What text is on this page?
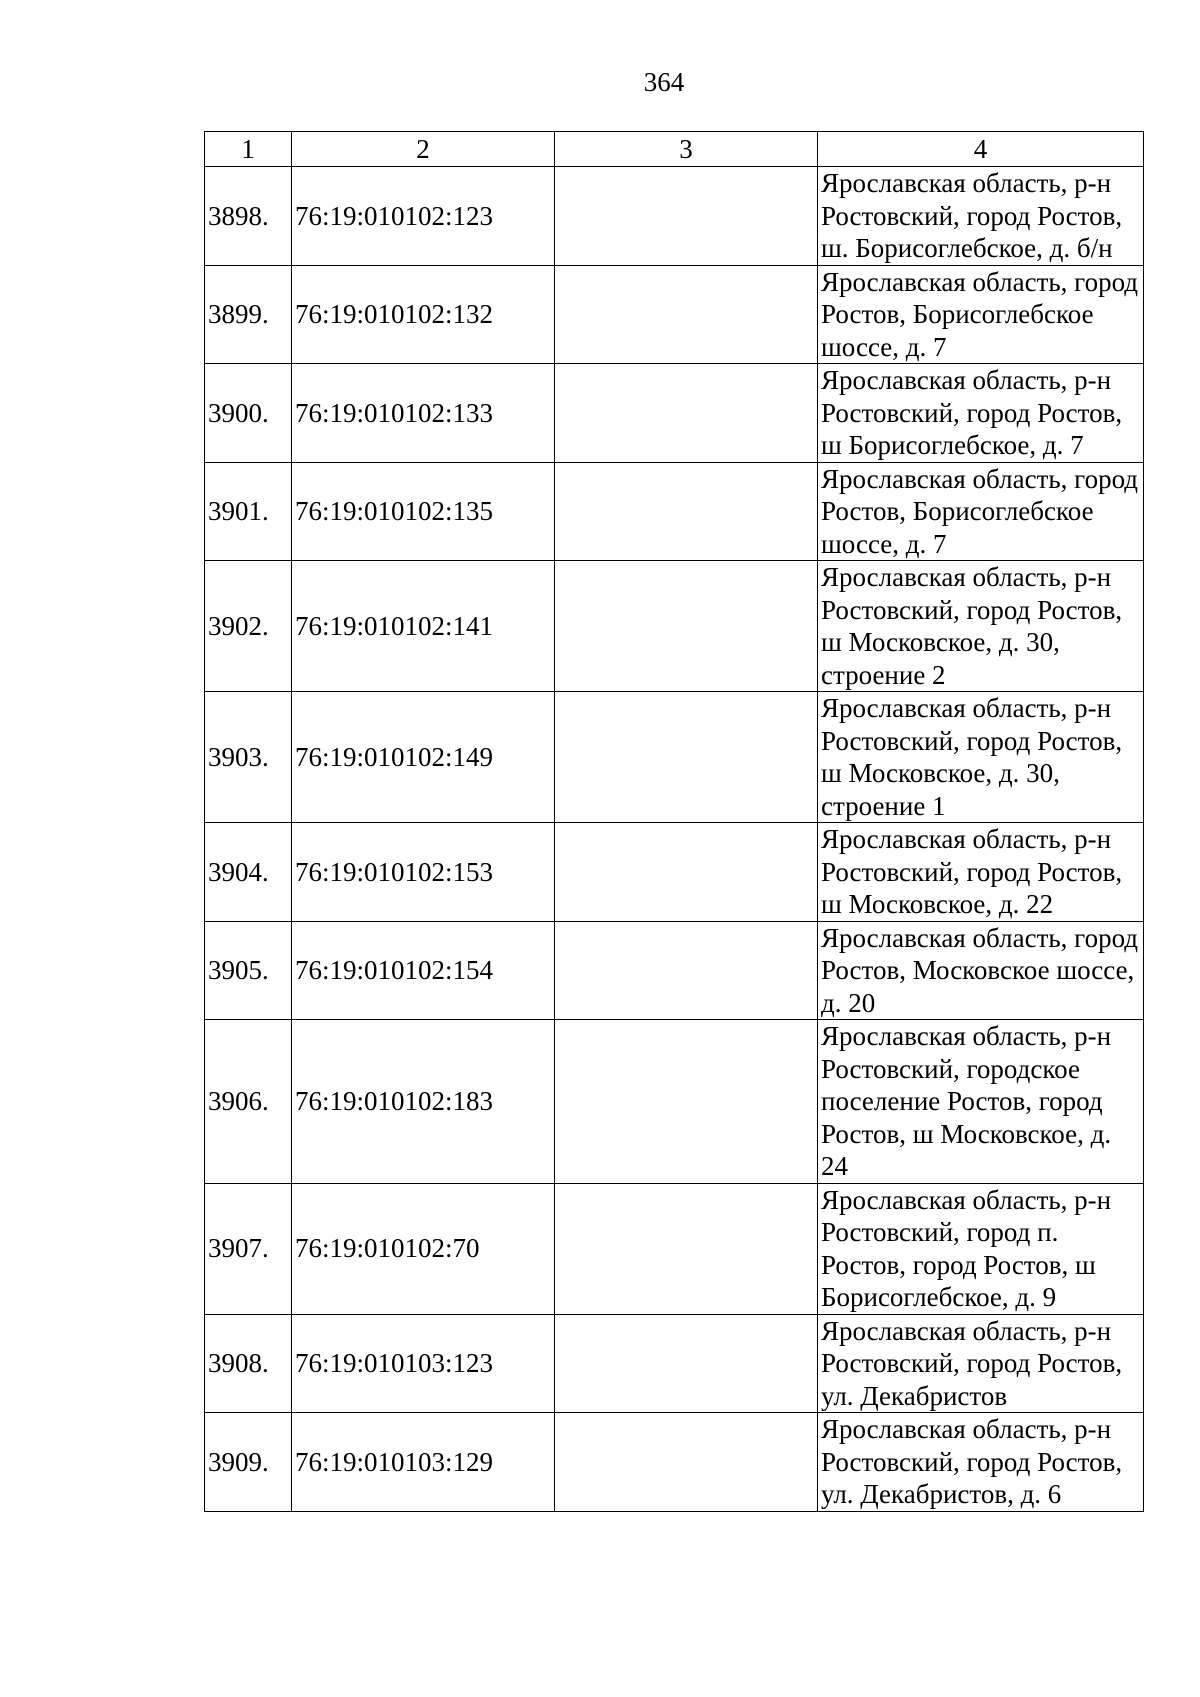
364
1	2	3	4
3898.	76:19:010102:123		Ярославская область, р-н Ростовский, город Ростов, ш. Борисоглебское, д. б/н
3899.	76:19:010102:132		Ярославская область, город Ростов, Борисоглебское шоссе, д. 7
3900.	76:19:010102:133		Ярославская область, р-н Ростовский, город Ростов, ш Борисоглебское, д. 7
3901.	76:19:010102:135		Ярославская область, город Ростов, Борисоглебское шоссе, д. 7
3902.	76:19:010102:141		Ярославская область, р-н Ростовский, город Ростов, ш Московское, д. 30, строение 2
3903.	76:19:010102:149		Ярославская область, р-н Ростовский, город Ростов, ш Московское, д. 30, строение 1
3904.	76:19:010102:153		Ярославская область, р-н Ростовский, город Ростов, ш Московское, д. 22
3905.	76:19:010102:154		Ярославская область, город Ростов, Московское шоссе, д. 20
3906.	76:19:010102:183		Ярославская область, р-н Ростовский, городское поселение Ростов, город Ростов, ш Московское, д. 24
3907.	76:19:010102:70		Ярославская область, р-н Ростовский, город п. Ростов, город Ростов, ш Борисоглебское, д. 9
3908.	76:19:010103:123		Ярославская область, р-н Ростовский, город Ростов, ул. Декабристов
3909.	76:19:010103:129		Ярославская область, р-н Ростовский, город Ростов, ул. Декабристов, д. 6
